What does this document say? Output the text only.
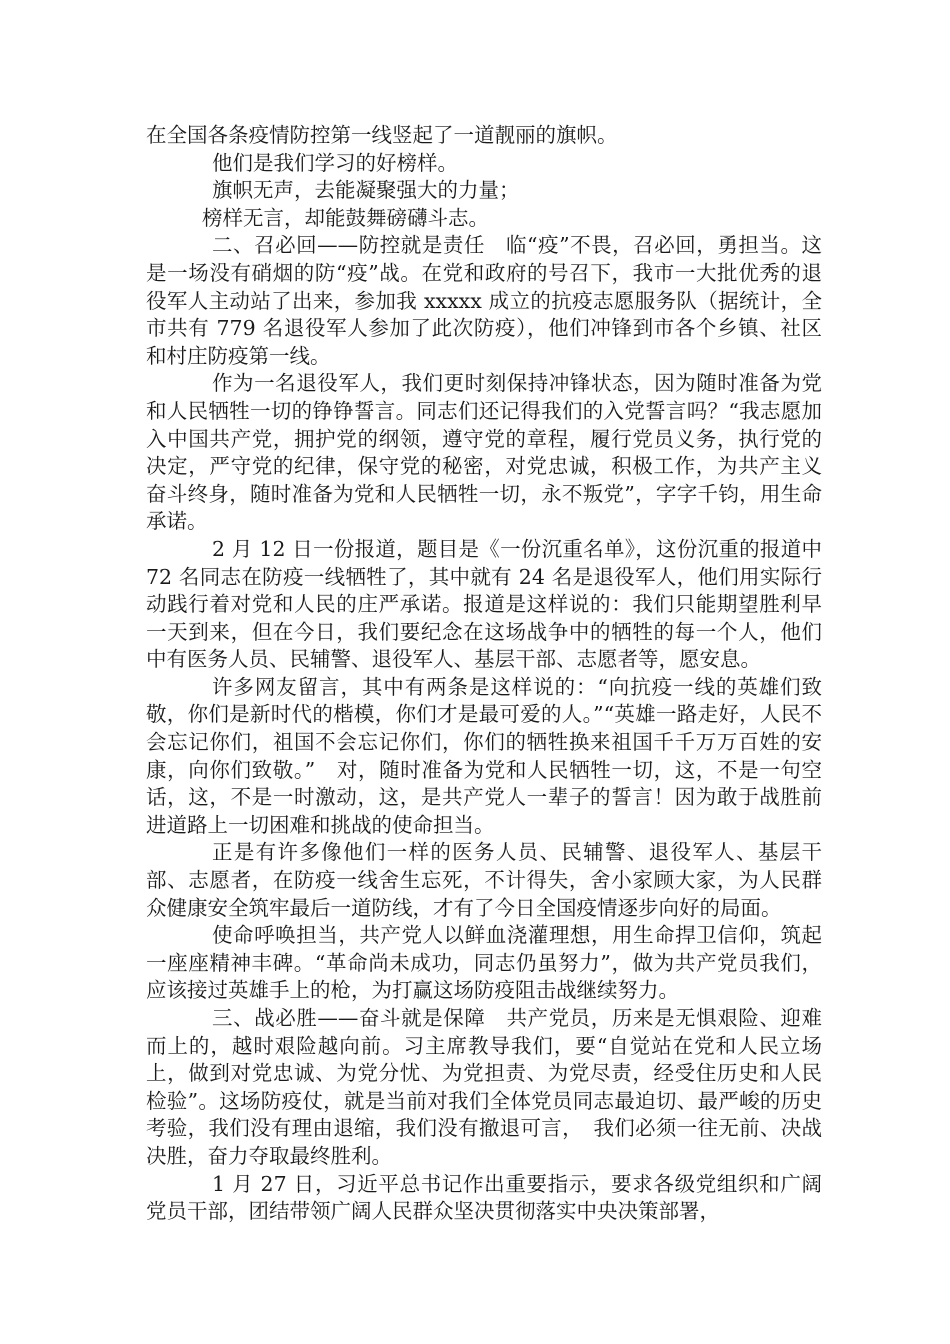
在全国各条疫情防控第一线竖起了一道靓丽的旗帜。

他们是我们学习的好榜样。

旗帜无声，去能凝聚强大的力量；

榜样无言，却能鼓舞磅礴斗志。

二、召必回——防控就是责任　临“疫”不畏，召必回，勇担当。这是一场没有硝烟的防“疫”战。在党和政府的号召下，我市一大批优秀的退役军人主动站了出来，参加我 xxxxx 成立的抗疫志愿服务队（据统计，全市共有 779 名退役军人参加了此次防疫），他们冲锋到市各个乡镇、社区和村庄防疫第一线。

作为一名退役军人，我们更时刻保持冲锋状态，因为随时准备为党和人民牺牲一切的铮铮誓言。同志们还记得我们的入党誓言吗？“我志愿加入中国共产党，拥护党的纲领，遵守党的章程，履行党员义务，执行党的决定，严守党的纪律，保守党的秘密，对党忠诚，积极工作，为共产主义奋斗终身，随时准备为党和人民牺牲一切，永不叛党”，字字千钧，用生命承诺。

2 月 12 日一份报道，题目是《一份沉重名单》，这份沉重的报道中 72 名同志在防疫一线牺牲了，其中就有 24 名是退役军人，他们用实际行动践行着对党和人民的庄严承诺。报道是这样说的：我们只能期望胜利早一天到来，但在今日，我们要纪念在这场战争中的牺牲的每一个人，他们中有医务人员、民辅警、退役军人、基层干部、志愿者等，愿安息。

许多网友留言，其中有两条是这样说的：“向抗疫一线的英雄们致敬，你们是新时代的楷模，你们才是最可爱的人。”“英雄一路走好，人民不会忘记你们，祖国不会忘记你们，你们的牺牲换来祖国千千万万百姓的安康，向你们致敬。”　对，随时准备为党和人民牺牲一切，这，不是一句空话，这，不是一时激动，这，是共产党人一辈子的誓言！因为敢于战胜前进道路上一切困难和挑战的使命担当。

正是有许多像他们一样的医务人员、民辅警、退役军人、基层干部、志愿者，在防疫一线舍生忘死，不计得失，舍小家顾大家，为人民群众健康安全筑牢最后一道防线，才有了今日全国疫情逐步向好的局面。

使命呼唤担当，共产党人以鲜血浇灌理想，用生命捍卫信仰，筑起一座座精神丰碑。“革命尚未成功，同志仍虽努力”，做为共产党员我们，应该接过英雄手上的枪，为打赢这场防疫阻击战继续努力。

三、战必胜——奋斗就是保障　共产党员，历来是无惧艰险、迎难而上的，越时艰险越向前。习主席教导我们，要“自觉站在党和人民立场上，做到对党忠诚、为党分忧、为党担责、为党尽责，经受住历史和人民检验”。这场防疫仗，就是当前对我们全体党员同志最迫切、最严峻的历史考验，我们没有理由退缩，我们没有撤退可言，　我们必须一往无前、决战决胜，奋力夺取最终胜利。

1 月 27 日，习近平总书记作出重要指示，要求各级党组织和广阔党员干部，团结带领广阔人民群众坚决贯彻落实中央决策部署，
